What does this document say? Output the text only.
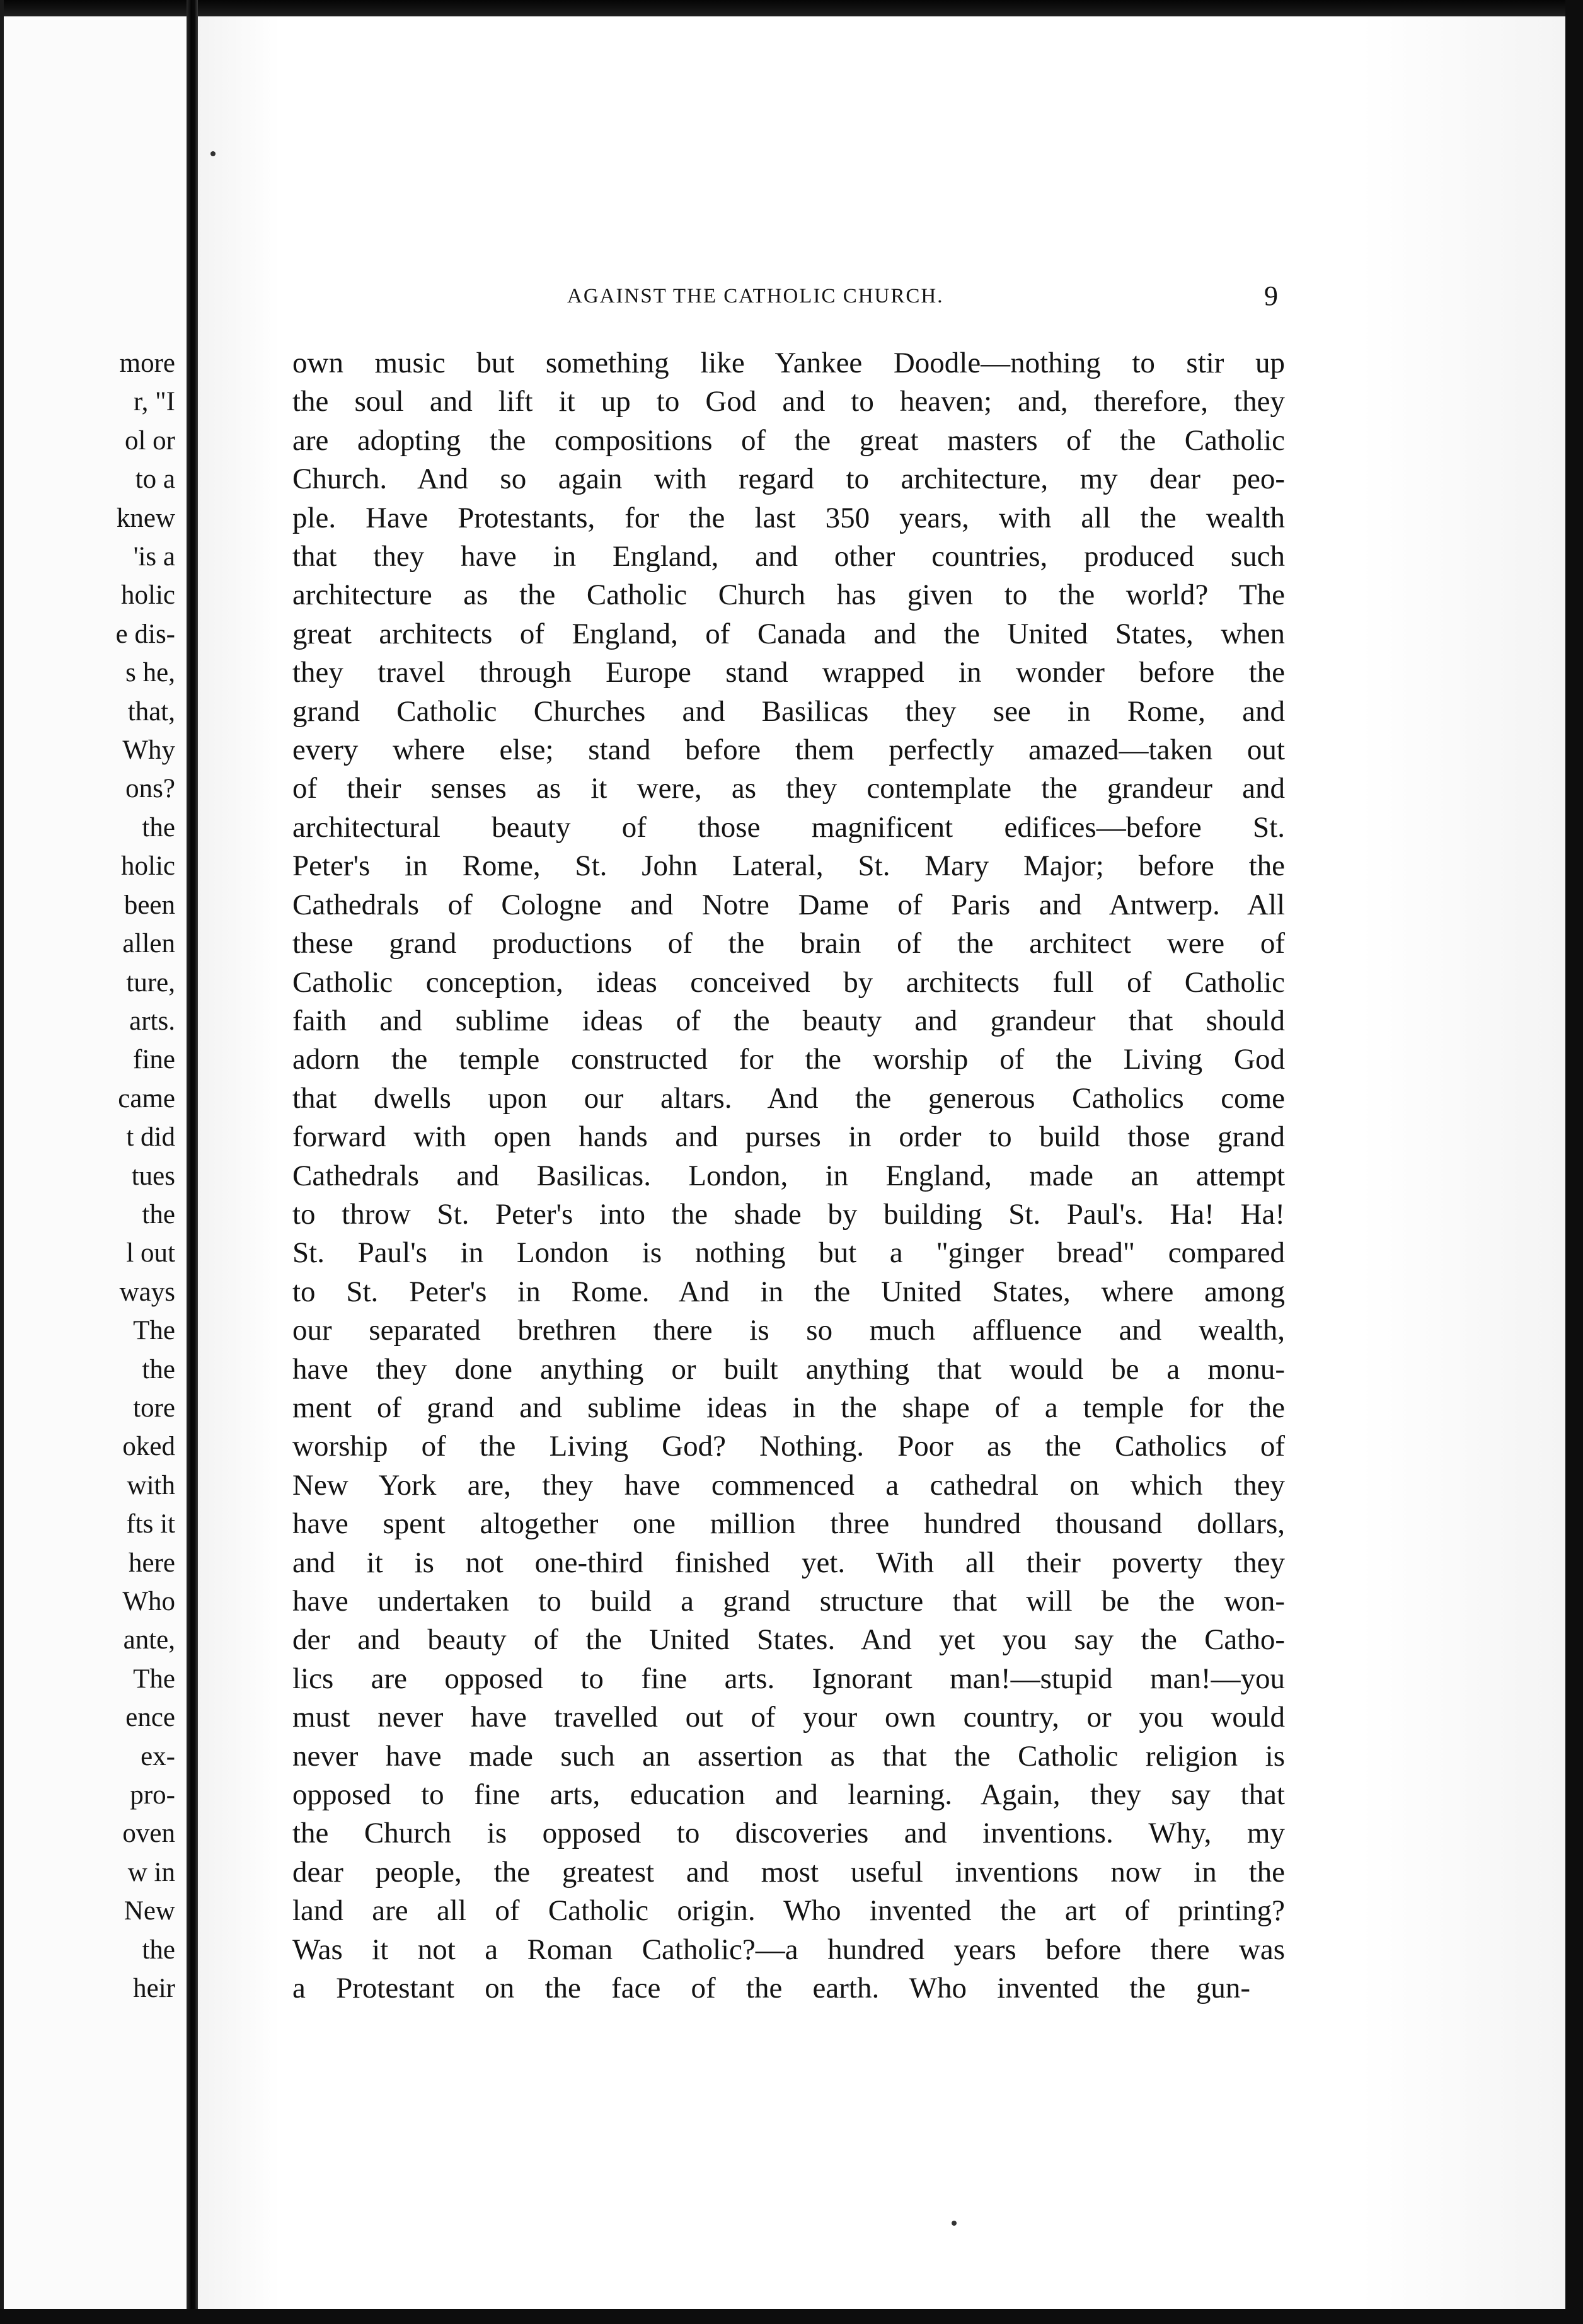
more
r, "I
ol or
to a
knew
'is a
holic
e dis-
s he,
that,
Why
ons?
the
holic
been
allen
ture,
arts.
fine
came
t did
tues
the
l out
ways
The
the
tore
oked
with
fts it
here
Who
ante,
The
ence
ex-
pro-
oven
w in
New
the
heir
AGAINST THE CATHOLIC CHURCH.	9
own music but something like Yankee Doodle—nothing to stir up
the soul and lift it up to God and to heaven; and, therefore, they
are adopting the compositions of the great masters of the Catholic
Church. And so again with regard to architecture, my dear peo-
ple. Have Protestants, for the last 350 years, with all the wealth
that they have in England, and other countries, produced such
architecture as the Catholic Church has given to the world? The
great architects of England, of Canada and the United States, when
they travel through Europe stand wrapped in wonder before the
grand Catholic Churches and Basilicas they see in Rome, and
every where else; stand before them perfectly amazed—taken out
of their senses as it were, as they contemplate the grandeur and
architectural beauty of those magnificent edifices—before St.
Peter's in Rome, St. John Lateral, St. Mary Major; before the
Cathedrals of Cologne and Notre Dame of Paris and Antwerp. All
these grand productions of the brain of the architect were of
Catholic conception, ideas conceived by architects full of Catholic
faith and sublime ideas of the beauty and grandeur that should
adorn the temple constructed for the worship of the Living God
that dwells upon our altars. And the generous Catholics come
forward with open hands and purses in order to build those grand
Cathedrals and Basilicas. London, in England, made an attempt
to throw St. Peter's into the shade by building St. Paul's. Ha! Ha!
St. Paul's in London is nothing but a "ginger bread" compared
to St. Peter's in Rome. And in the United States, where among
our separated brethren there is so much affluence and wealth,
have they done anything or built anything that would be a monu-
ment of grand and sublime ideas in the shape of a temple for the
worship of the Living God? Nothing. Poor as the Catholics of
New York are, they have commenced a cathedral on which they
have spent altogether one million three hundred thousand dollars,
and it is not one-third finished yet. With all their poverty they
have undertaken to build a grand structure that will be the won-
der and beauty of the United States. And yet you say the Catho-
lics are opposed to fine arts. Ignorant man!—stupid man!—you
must never have travelled out of your own country, or you would
never have made such an assertion as that the Catholic religion is
opposed to fine arts, education and learning. Again, they say that
the Church is opposed to discoveries and inventions. Why, my
dear people, the greatest and most useful inventions now in the
land are all of Catholic origin. Who invented the art of printing?
Was it not a Roman Catholic?—a hundred years before there was
a Protestant on the face of the earth. Who invented the gun-
